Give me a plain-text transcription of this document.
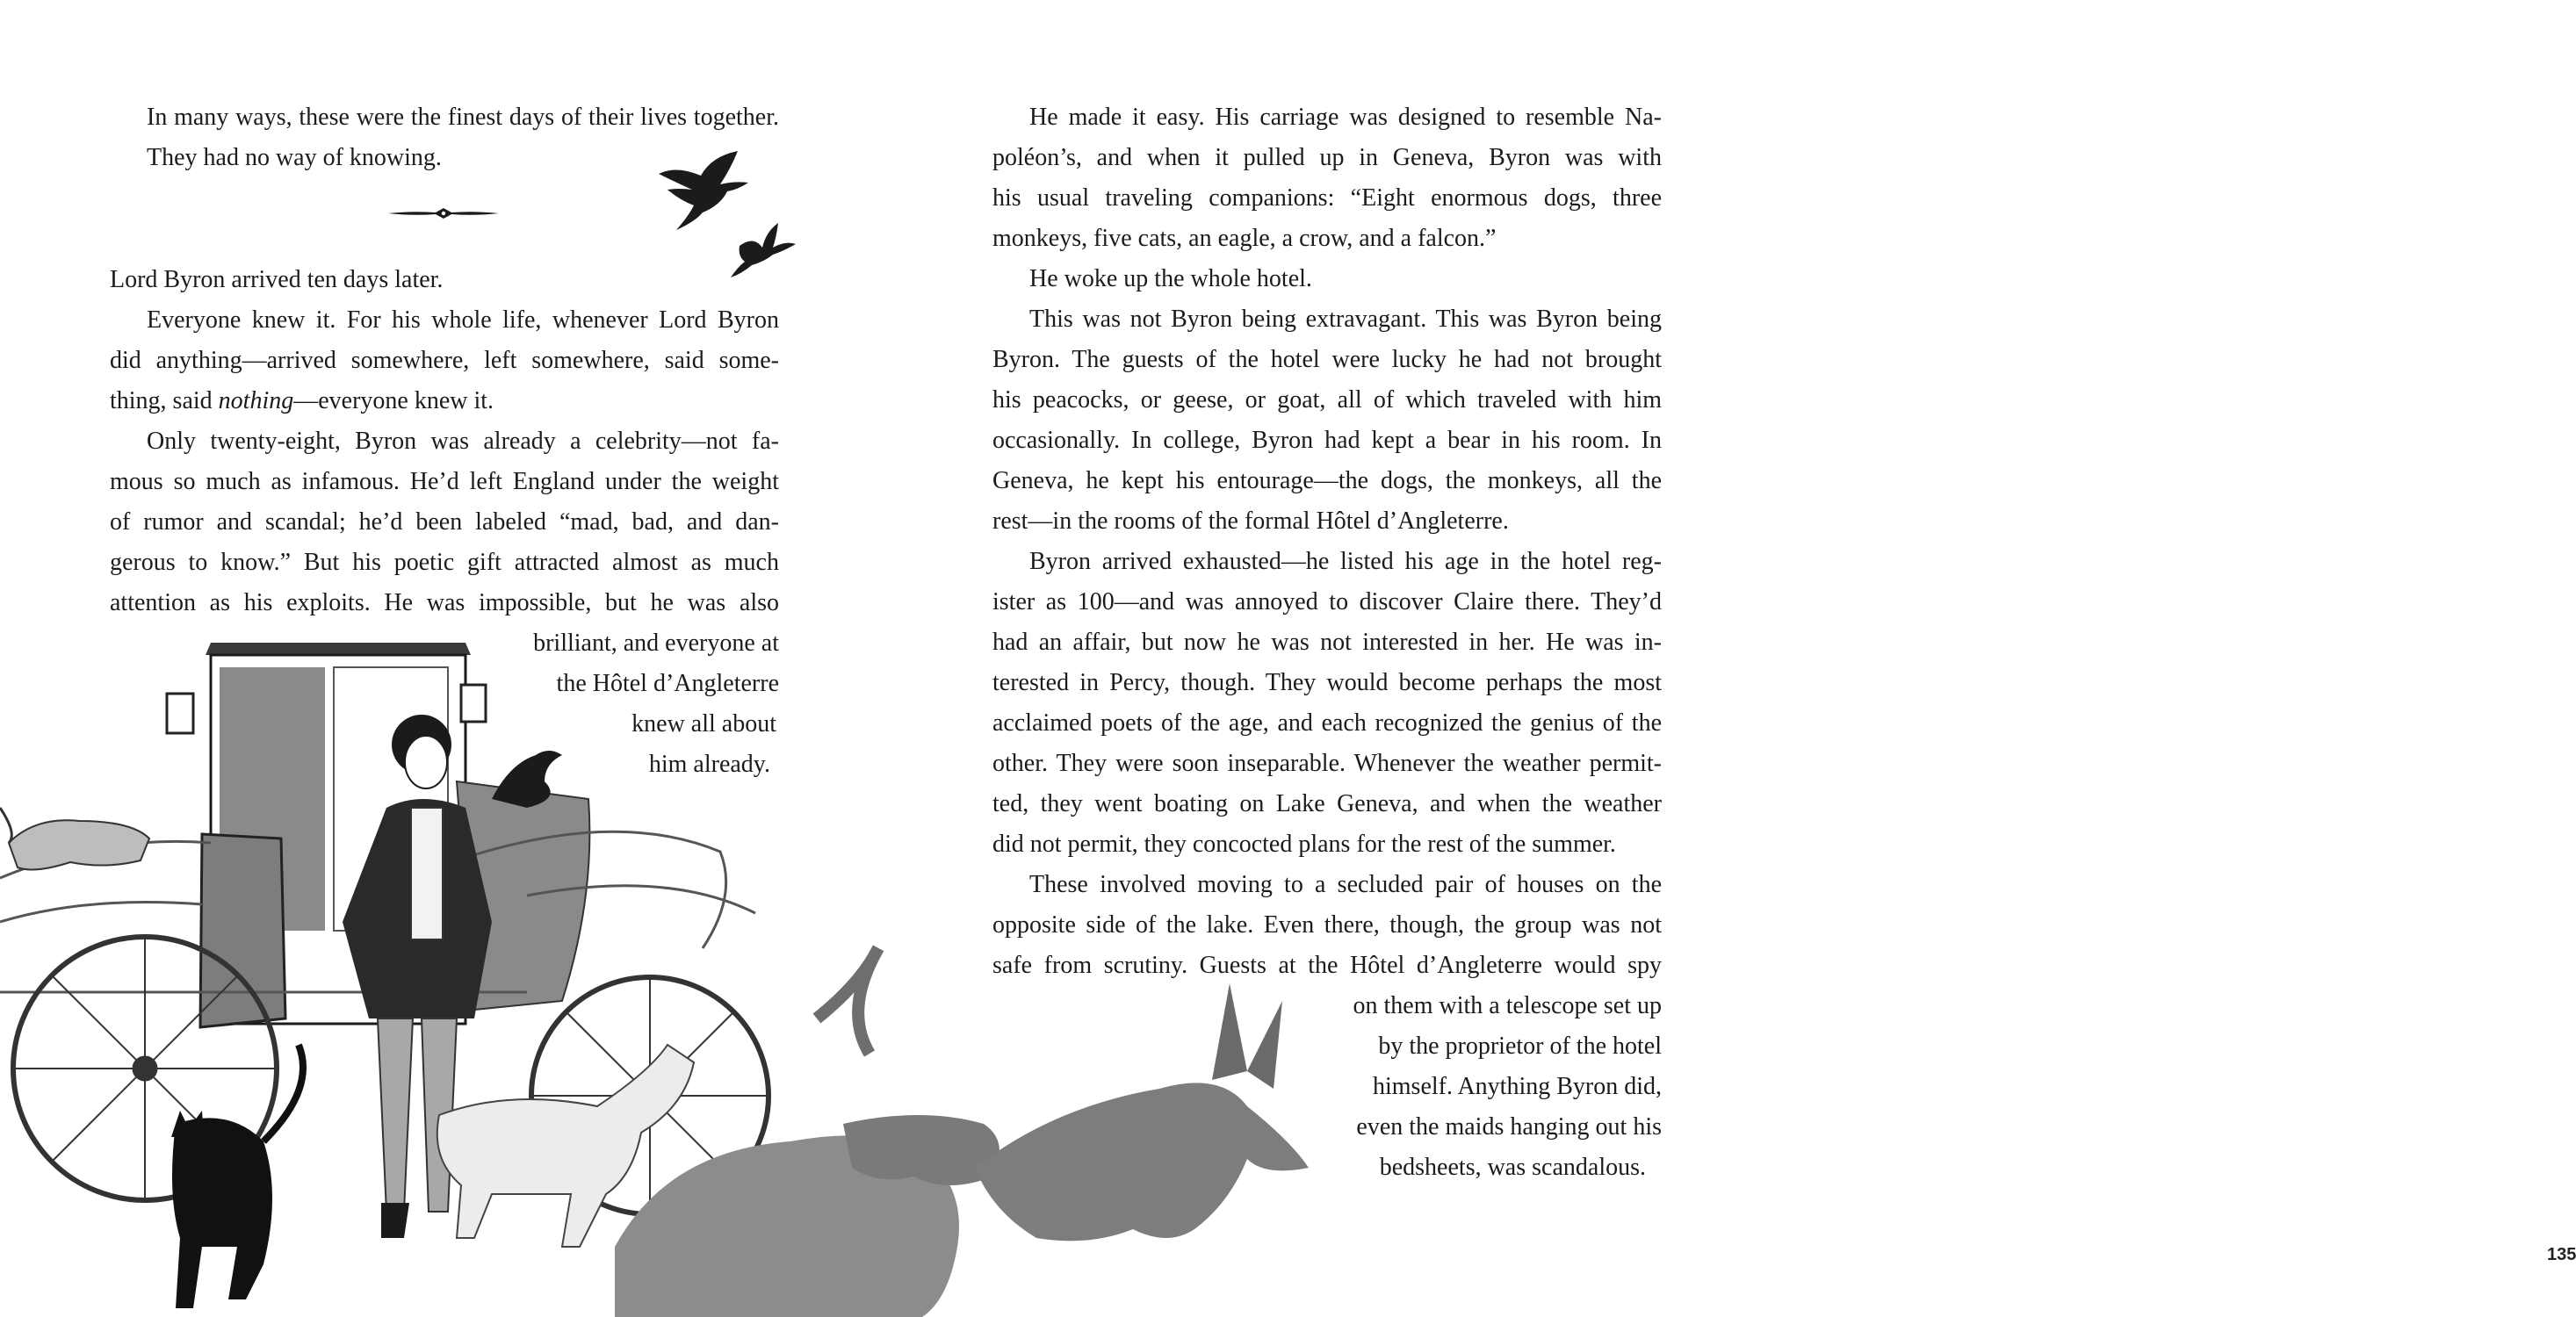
In many ways, these were the finest days of their lives together.
They had no way of knowing.
Lord Byron arrived ten days later.
Everyone knew it. For his whole life, whenever Lord Byron
did anything—arrived somewhere, left somewhere, said some-
thing, said nothing—everyone knew it.
Only twenty-eight, Byron was already a celebrity—not fa-
mous so much as infamous. He’d left England under the weight
of rumor and scandal; he’d been labeled “mad, bad, and dan-
gerous to know.” But his poetic gift attracted almost as much
attention as his exploits. He was impossible, but he was also
brilliant, and everyone at
the Hôtel d’Angleterre
knew all about
him already.
He made it easy. His carriage was designed to resemble Na-
poléon’s, and when it pulled up in Geneva, Byron was with
his usual traveling companions: “Eight enormous dogs, three
monkeys, five cats, an eagle, a crow, and a falcon.”
He woke up the whole hotel.
This was not Byron being extravagant. This was Byron being
Byron. The guests of the hotel were lucky he had not brought
his peacocks, or geese, or goat, all of which traveled with him
occasionally. In college, Byron had kept a bear in his room. In
Geneva, he kept his entourage—the dogs, the monkeys, all the
rest—in the rooms of the formal Hôtel d’Angleterre.
Byron arrived exhausted—he listed his age in the hotel reg-
ister as 100—and was annoyed to discover Claire there. They’d
had an affair, but now he was not interested in her. He was in-
terested in Percy, though. They would become perhaps the most
acclaimed poets of the age, and each recognized the genius of the
other. They were soon inseparable. Whenever the weather permit-
ted, they went boating on Lake Geneva, and when the weather
did not permit, they concocted plans for the rest of the summer.
These involved moving to a secluded pair of houses on the
opposite side of the lake. Even there, though, the group was not
safe from scrutiny. Guests at the Hôtel d’Angleterre would spy
on them with a telescope set up
by the proprietor of the hotel
himself. Anything Byron did,
even the maids hanging out his
bedsheets, was scandalous.
135
